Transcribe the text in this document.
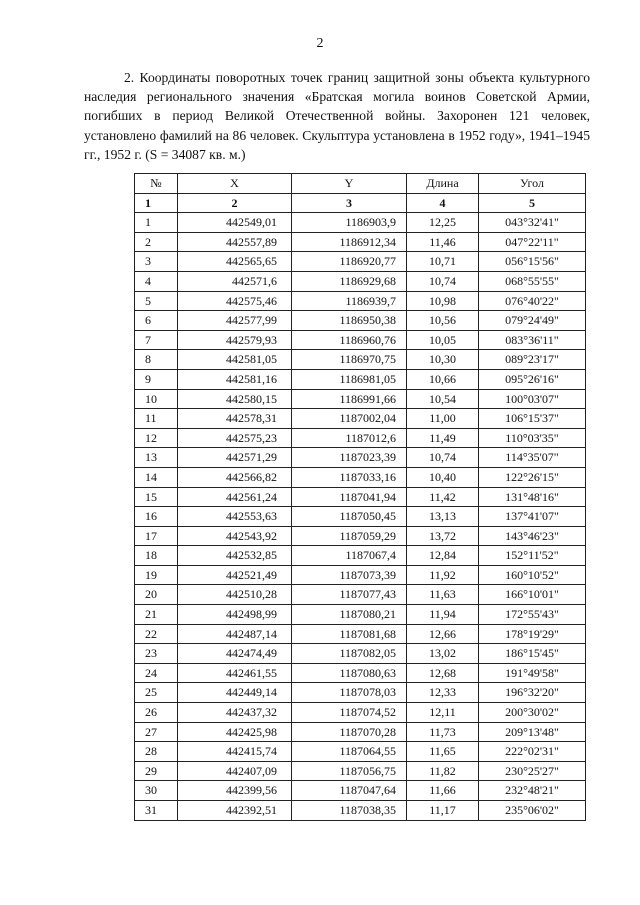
2
2. Координаты поворотных точек границ защитной зоны объекта культурного наследия регионального значения «Братская могила воинов Советской Армии, погибших в период Великой Отечественной войны. Захоронен 121 человек, установлено фамилий на 86 человек. Скульптура установлена в 1952 году», 1941–1945 гг., 1952 г. (S = 34087 кв. м.)
№	X	Y	Длина	Угол
1	2	3	4	5
1	442549,01	1186903,9	12,25	043°32'41"
2	442557,89	1186912,34	11,46	047°22'11"
3	442565,65	1186920,77	10,71	056°15'56"
4	442571,6	1186929,68	10,74	068°55'55"
5	442575,46	1186939,7	10,98	076°40'22"
6	442577,99	1186950,38	10,56	079°24'49"
7	442579,93	1186960,76	10,05	083°36'11"
8	442581,05	1186970,75	10,30	089°23'17"
9	442581,16	1186981,05	10,66	095°26'16"
10	442580,15	1186991,66	10,54	100°03'07"
11	442578,31	1187002,04	11,00	106°15'37"
12	442575,23	1187012,6	11,49	110°03'35"
13	442571,29	1187023,39	10,74	114°35'07"
14	442566,82	1187033,16	10,40	122°26'15"
15	442561,24	1187041,94	11,42	131°48'16"
16	442553,63	1187050,45	13,13	137°41'07"
17	442543,92	1187059,29	13,72	143°46'23"
18	442532,85	1187067,4	12,84	152°11'52"
19	442521,49	1187073,39	11,92	160°10'52"
20	442510,28	1187077,43	11,63	166°10'01"
21	442498,99	1187080,21	11,94	172°55'43"
22	442487,14	1187081,68	12,66	178°19'29"
23	442474,49	1187082,05	13,02	186°15'45"
24	442461,55	1187080,63	12,68	191°49'58"
25	442449,14	1187078,03	12,33	196°32'20"
26	442437,32	1187074,52	12,11	200°30'02"
27	442425,98	1187070,28	11,73	209°13'48"
28	442415,74	1187064,55	11,65	222°02'31"
29	442407,09	1187056,75	11,82	230°25'27"
30	442399,56	1187047,64	11,66	232°48'21"
31	442392,51	1187038,35	11,17	235°06'02"
